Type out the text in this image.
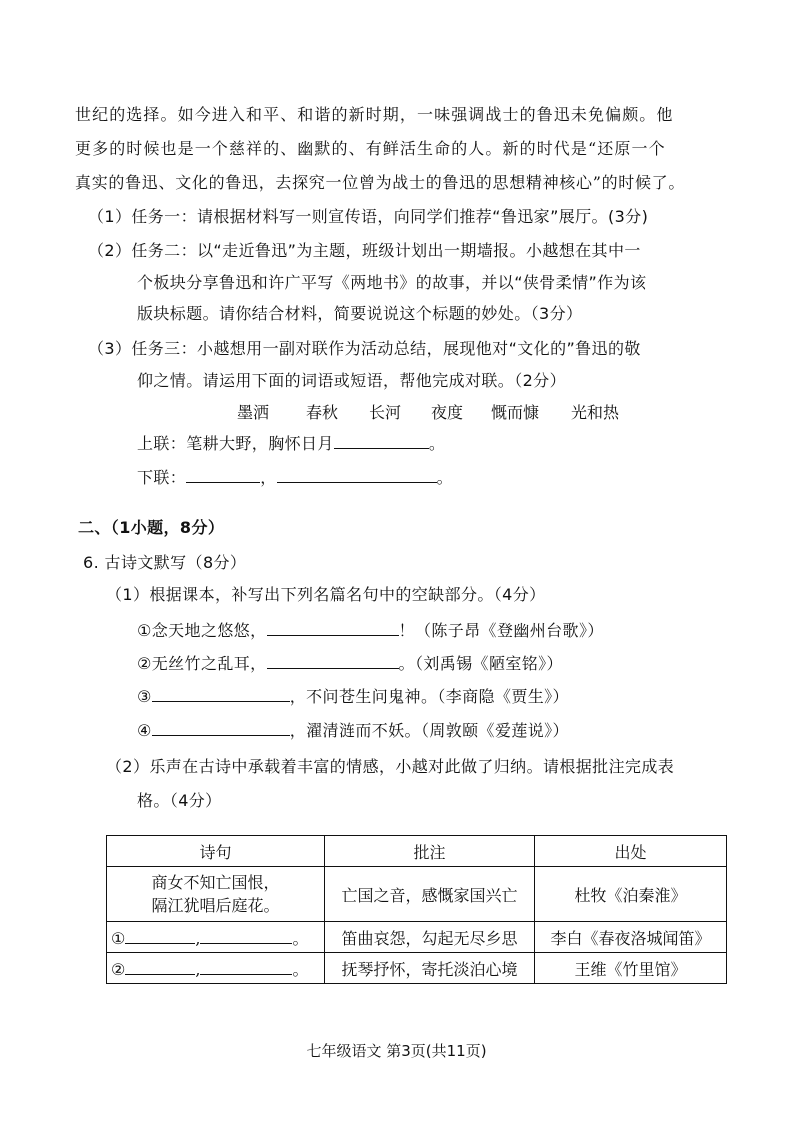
世纪的选择。如今进入和平、和谐的新时期，一味强调战士的鲁迅未免偏颇。他
更多的时候也是一个慈祥的、幽默的、有鲜活生命的人。新的时代是“还原一个
真实的鲁迅、文化的鲁迅，去探究一位曾为战士的鲁迅的思想精神核心”的时候了。
（1）任务一：请根据材料写一则宣传语，向同学们推荐“鲁迅家”展厅。(3分)
（2）任务二：以“走近鲁迅”为主题，班级计划出一期墙报。小越想在其中一
个板块分享鲁迅和许广平写《两地书》的故事，并以“侠骨柔情”作为该
版块标题。请你结合材料，简要说说这个标题的妙处。（3分）
（3）任务三：小越想用一副对联作为活动总结，展现他对“文化的”鲁迅的敬
仰之情。请运用下面的词语或短语，帮他完成对联。（2分）
墨洒 春秋 长河 夜度 慨而慷 光和热
上联：笔耕大野，胸怀日月	。
下联：	，	。
二、（1小题，8分）
6. 古诗文默写（8分）
（1）根据课本，补写出下列名篇名句中的空缺部分。（4分）
①念天地之悠悠，	！（陈子昂《登幽州台歌》）
②无丝竹之乱耳，	。（刘禹锡《陋室铭》）
③	，不问苍生问鬼神。（李商隐《贾生》）
④	，濯清涟而不妖。（周敦颐《爱莲说》）
（2）乐声在古诗中承载着丰富的情感，小越对此做了归纳。请根据批注完成表
格。（4分）
诗句	批注	出处

商女不知亡国恨，
隔江犹唱后庭花。	亡国之音，感慨家国兴亡	杜牧《泊秦淮》
① , 。	笛曲哀怨，勾起无尽乡思	李白《春夜洛城闻笛》
② , 。	抚琴抒怀，寄托淡泊心境	王维《竹里馆》
七年级语文 第3页(共11页)
